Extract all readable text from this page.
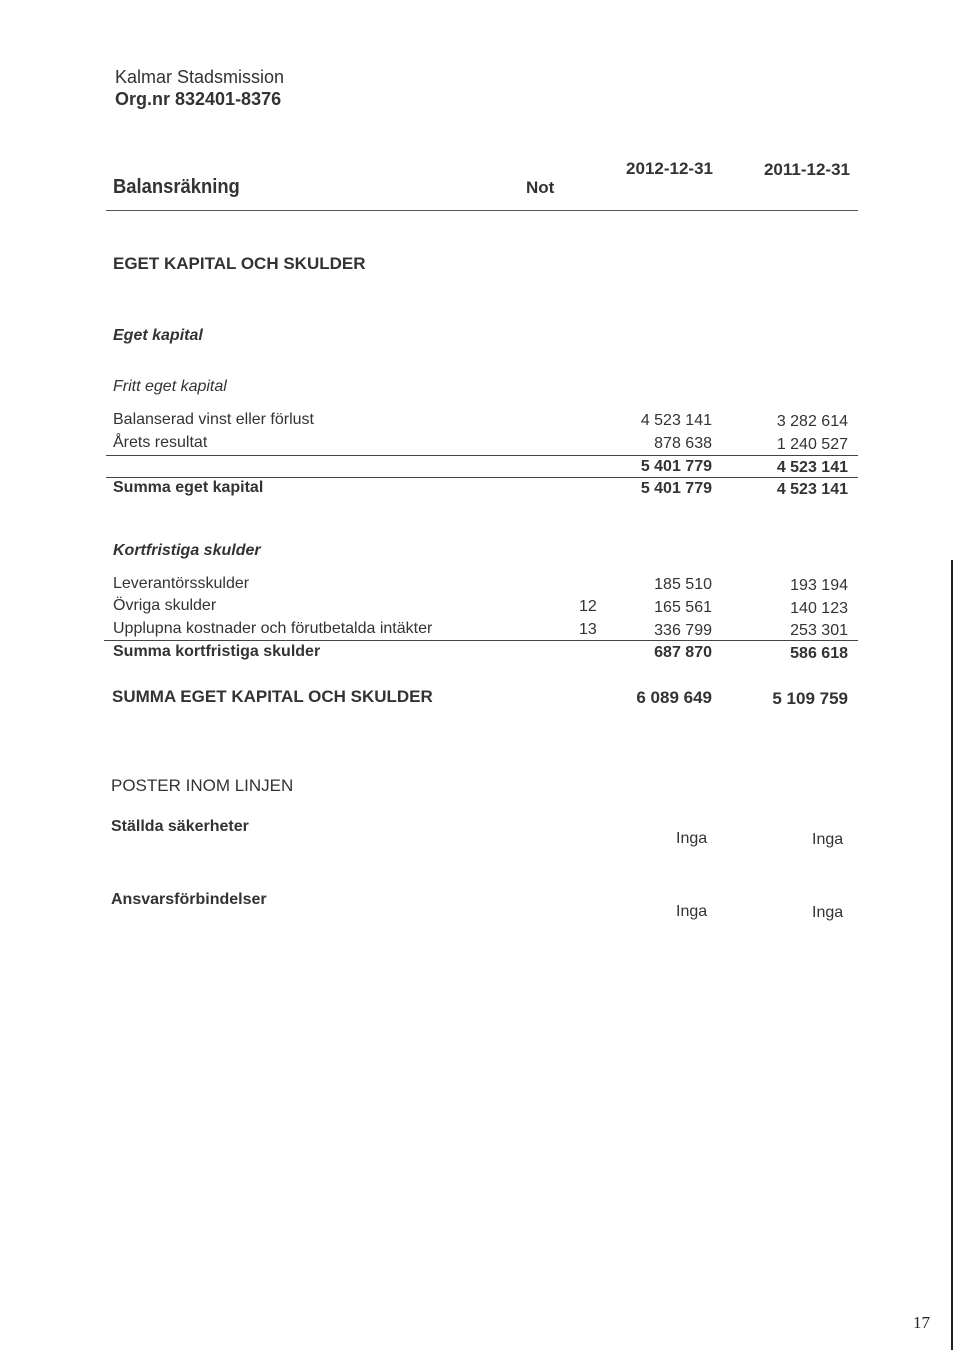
Kalmar Stadsmission
Org.nr 832401-8376
Balansräkning	Not
2012-12-31	2011-12-31
EGET KAPITAL OCH SKULDER
Eget kapital
Fritt eget kapital
Balanserad vinst eller förlust	4 523 141	3 282 614
Årets resultat	878 638	1 240 527
5 401 779	4 523 141
Summa eget kapital	5 401 779	4 523 141
Kortfristiga skulder
Leverantörsskulder	185 510	193 194
Övriga skulder	12	165 561	140 123
Upplupna kostnader och förutbetalda intäkter	13	336 799	253 301
Summa kortfristiga skulder	687 870	586 618
SUMMA EGET KAPITAL OCH SKULDER	6 089 649	5 109 759
POSTER INOM LINJEN
Ställda säkerheter
Inga	Inga
Ansvarsförbindelser
Inga	Inga
17
